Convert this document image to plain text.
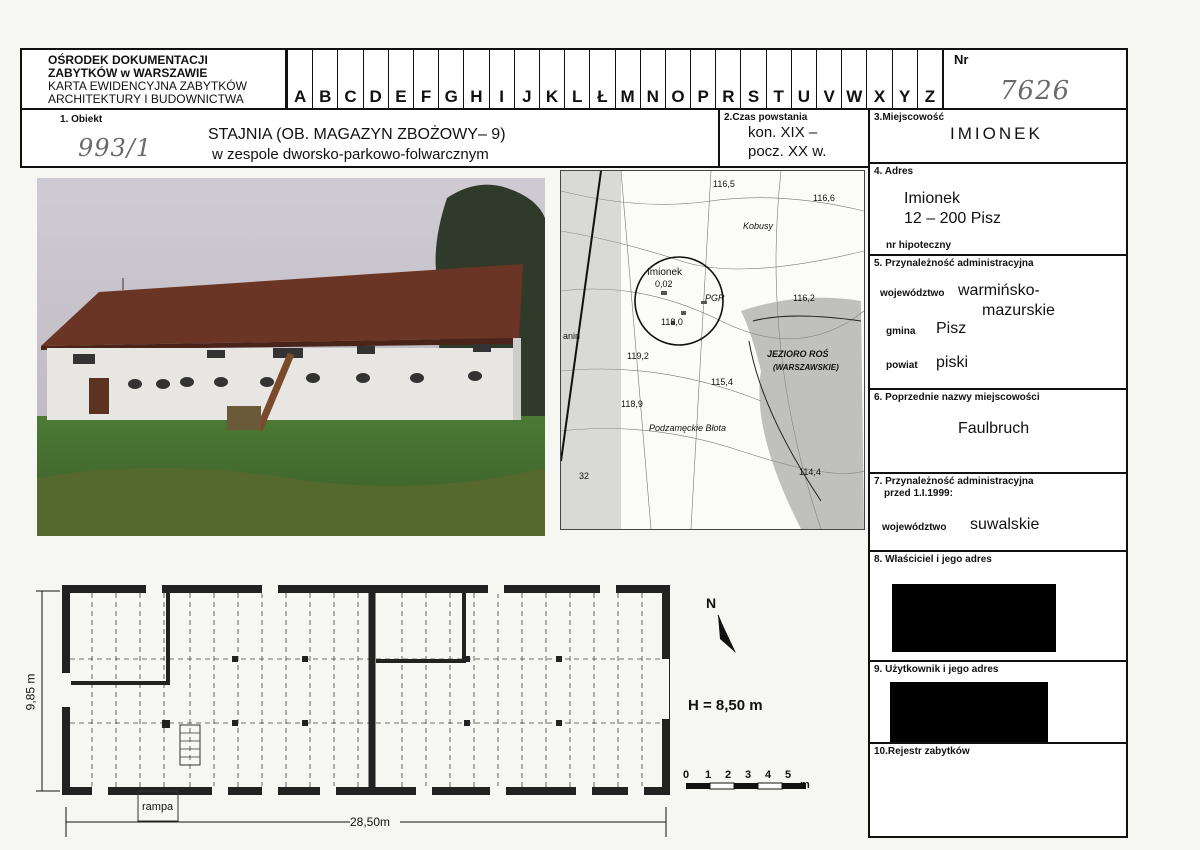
OŚRODEK DOKUMENTACJI
ZABYTKÓW w WARSZAWIE
KARTA EWIDENCYJNA ZABYTKÓW
ARCHITEKTURY I BUDOWNICTWA	A B C D E F G H I	J K L Ł M N O P R S T U V W X Y Z
Nr
7626
1. Obiekt
993/1	STAJNIA (OB. MAGAZYN ZBOŻOWY– 9)
w zespole dworsko-parkowo-folwarcznym
2.Czas powstania
kon. XIX –
pocz. XX w.
3.Miejscowość
IMIONEK
4. Adres
Imionek
12 – 200 Pisz
nr hipoteczny
5. Przynależność administracyjna
województwo warmińsko-
mazurskie
gmina Pisz
powiat piski
6. Poprzednie nazwy miejscowości
Faulbruch
7. Przynależność administracyjna
przed 1.I.1999:
województwo suwalskie
8. Właściciel i jego adres
9. Użytkownik i jego adres
10.Rejestr zabytków
116,5
116,6
Kobusy
Imionek
0,02
PGR
118,0
116,2
119,2	JEZIORO ROŚ
(WARSZAWSKIE)
115,4
118,9
Podzamęckie Błota
anin
32	114,4
N
9,85 m
28,50m
H = 8,50 m
rampa
0 1 2 3 4 5
m
